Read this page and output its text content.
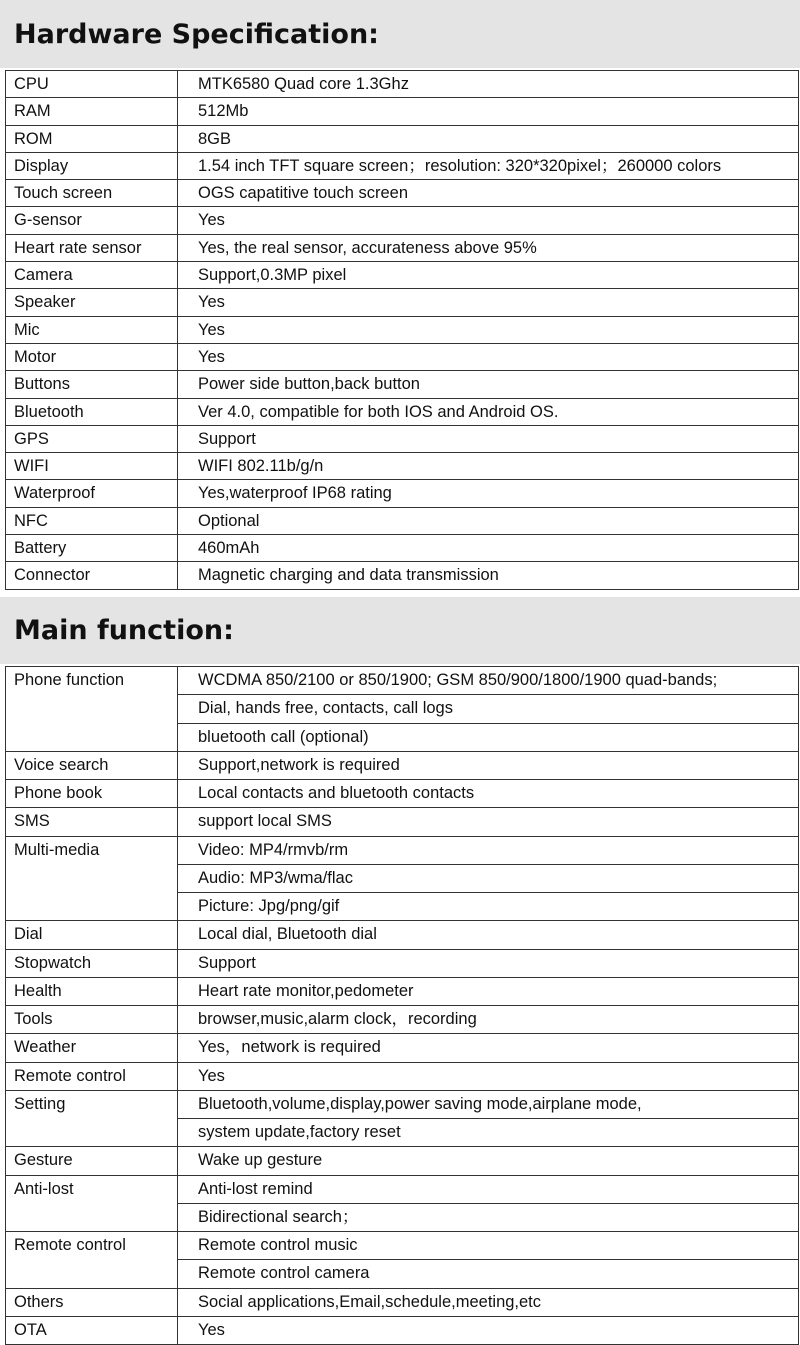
Hardware Specification:
CPU	MTK6580 Quad core 1.3Ghz
RAM	512Mb
ROM	8GB
Display	1.54 inch TFT square screen；resolution: 320*320pixel；260000 colors
Touch screen	OGS capatitive touch screen
G-sensor	Yes
Heart rate sensor	Yes, the real sensor, accurateness above 95%
Camera	Support,0.3MP pixel
Speaker	Yes
Mic	Yes
Motor	Yes
Buttons	Power side button,back button
Bluetooth	Ver 4.0, compatible for both IOS and Android OS.
GPS	Support
WIFI	WIFI 802.11b/g/n
Waterproof	Yes,waterproof IP68 rating
NFC	Optional
Battery	460mAh
Connector	Magnetic charging and data transmission
Main function:
Phone function	WCDMA 850/2100 or 850/1900; GSM 850/900/1800/1900 quad-bands;
	Dial, hands free, contacts, call logs
	bluetooth call (optional)
Voice search	Support,network is required
Phone book	Local contacts and bluetooth contacts
SMS	support local SMS
Multi-media	Video: MP4/rmvb/rm
	Audio: MP3/wma/flac
	Picture: Jpg/png/gif
Dial	Local dial, Bluetooth dial
Stopwatch	Support
Health	Heart rate monitor,pedometer
Tools	browser,music,alarm clock，recording
Weather	Yes，network is required
Remote control	Yes
Setting	Bluetooth,volume,display,power saving mode,airplane mode,
	system update,factory reset
Gesture	Wake up gesture
Anti-lost	Anti-lost remind
	Bidirectional search；
Remote control	Remote control music
	Remote control camera
Others	Social applications,Email,schedule,meeting,etc
OTA	Yes
